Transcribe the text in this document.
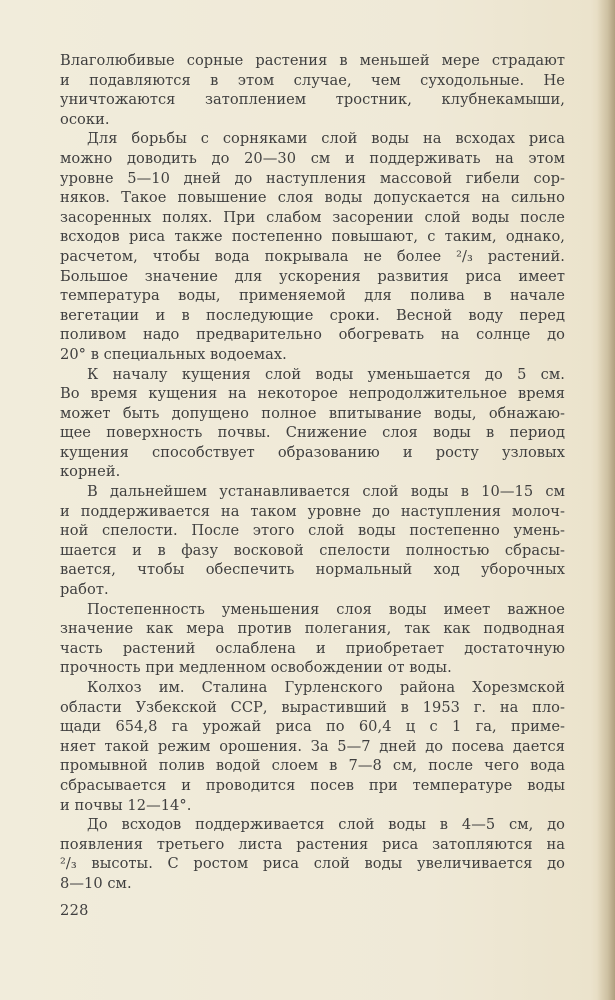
Влаголюбивые сорные растения в меньшей мере страдают
и подавляются в этом случае, чем суходольные. Не
уничтожаются затоплением тростник, клубнекамыши,
осоки.
Для борьбы с сорняками слой воды на всходах риса
можно доводить до 20—30 см и поддерживать на этом
уровне 5—10 дней до наступления массовой гибели сор-
няков. Такое повышение слоя воды допускается на сильно
засоренных полях. При слабом засорении слой воды после
всходов риса также постепенно повышают, с таким, однако,
расчетом, чтобы вода покрывала не более ²/₃ растений.
Большое значение для ускорения развития риса имеет
температура воды, применяемой для полива в начале
вегетации и в последующие сроки. Весной воду перед
поливом надо предварительно обогревать на солнце до
20° в специальных водоемах.
К началу кущения слой воды уменьшается до 5 см.
Во время кущения на некоторое непродолжительное время
может быть допущено полное впитывание воды, обнажаю-
щее поверхность почвы. Снижение слоя воды в период
кущения способствует образованию и росту узловых
корней.
В дальнейшем устанавливается слой воды в 10—15 см
и поддерживается на таком уровне до наступления молоч-
ной спелости. После этого слой воды постепенно умень-
шается и в фазу восковой спелости полностью сбрасы-
вается, чтобы обеспечить нормальный ход уборочных
работ.
Постепенность уменьшения слоя воды имеет важное
значение как мера против полегания, так как подводная
часть растений ослаблена и приобретает достаточную
прочность при медленном освобождении от воды.
Колхоз им. Сталина Гурленского района Хорезмской
области Узбекской ССР, вырастивший в 1953 г. на пло-
щади 654,8 га урожай риса по 60,4 ц с 1 га, приме-
няет такой режим орошения. За 5—7 дней до посева дается
промывной полив водой слоем в 7—8 см, после чего вода
сбрасывается и проводится посев при температуре воды
и почвы 12—14°.
До всходов поддерживается слой воды в 4—5 см, до
появления третьего листа растения риса затопляются на
²/₃ высоты. С ростом риса слой воды увеличивается до
8—10 см.
228
